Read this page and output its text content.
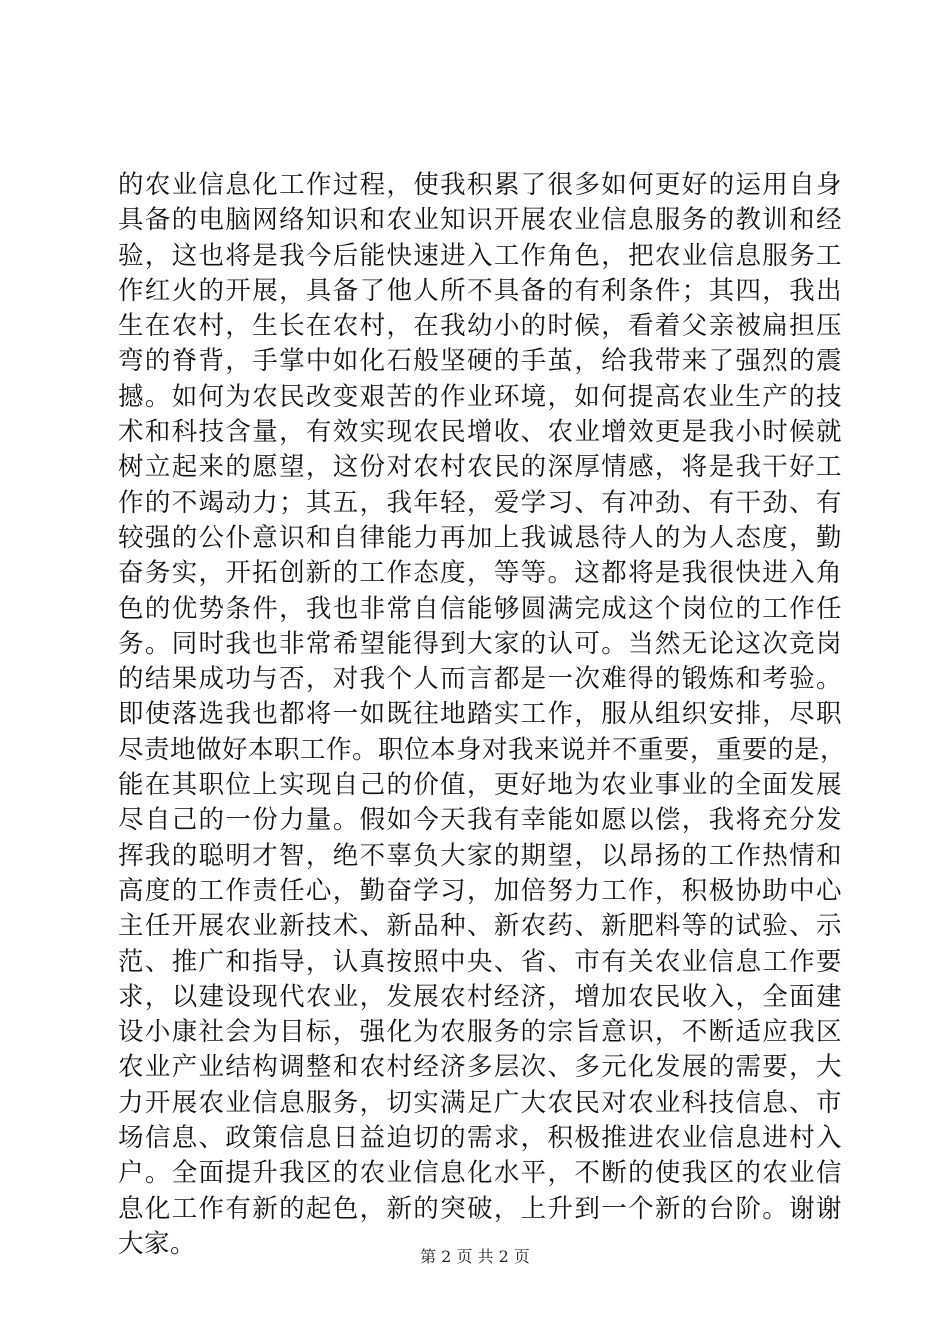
的农业信息化工作过程，使我积累了很多如何更好的运用自身
具备的电脑网络知识和农业知识开展农业信息服务的教训和经
验，这也将是我今后能快速进入工作角色，把农业信息服务工
作红火的开展，具备了他人所不具备的有利条件；其四，我出
生在农村，生长在农村，在我幼小的时候，看着父亲被扁担压
弯的脊背，手掌中如化石般坚硬的手茧，给我带来了强烈的震
撼。如何为农民改变艰苦的作业环境，如何提高农业生产的技
术和科技含量，有效实现农民增收、农业增效更是我小时候就
树立起来的愿望，这份对农村农民的深厚情感，将是我干好工
作的不竭动力；其五，我年轻，爱学习、有冲劲、有干劲、有
较强的公仆意识和自律能力再加上我诚恳待人的为人态度，勤
奋务实，开拓创新的工作态度，等等。这都将是我很快进入角
色的优势条件，我也非常自信能够圆满完成这个岗位的工作任
务。同时我也非常希望能得到大家的认可。当然无论这次竞岗
的结果成功与否，对我个人而言都是一次难得的锻炼和考验。
即使落选我也都将一如既往地踏实工作，服从组织安排，尽职
尽责地做好本职工作。职位本身对我来说并不重要，重要的是，
能在其职位上实现自己的价值，更好地为农业事业的全面发展
尽自己的一份力量。假如今天我有幸能如愿以偿，我将充分发
挥我的聪明才智，绝不辜负大家的期望，以昂扬的工作热情和
高度的工作责任心，勤奋学习，加倍努力工作，积极协助中心
主任开展农业新技术、新品种、新农药、新肥料等的试验、示
范、推广和指导，认真按照中央、省、市有关农业信息工作要
求，以建设现代农业，发展农村经济，增加农民收入，全面建
设小康社会为目标，强化为农服务的宗旨意识，不断适应我区
农业产业结构调整和农村经济多层次、多元化发展的需要，大
力开展农业信息服务，切实满足广大农民对农业科技信息、市
场信息、政策信息日益迫切的需求，积极推进农业信息进村入
户。全面提升我区的农业信息化水平，不断的使我区的农业信
息化工作有新的起色，新的突破，上升到一个新的台阶。谢谢
大家。	第 2 页 共 2 页
